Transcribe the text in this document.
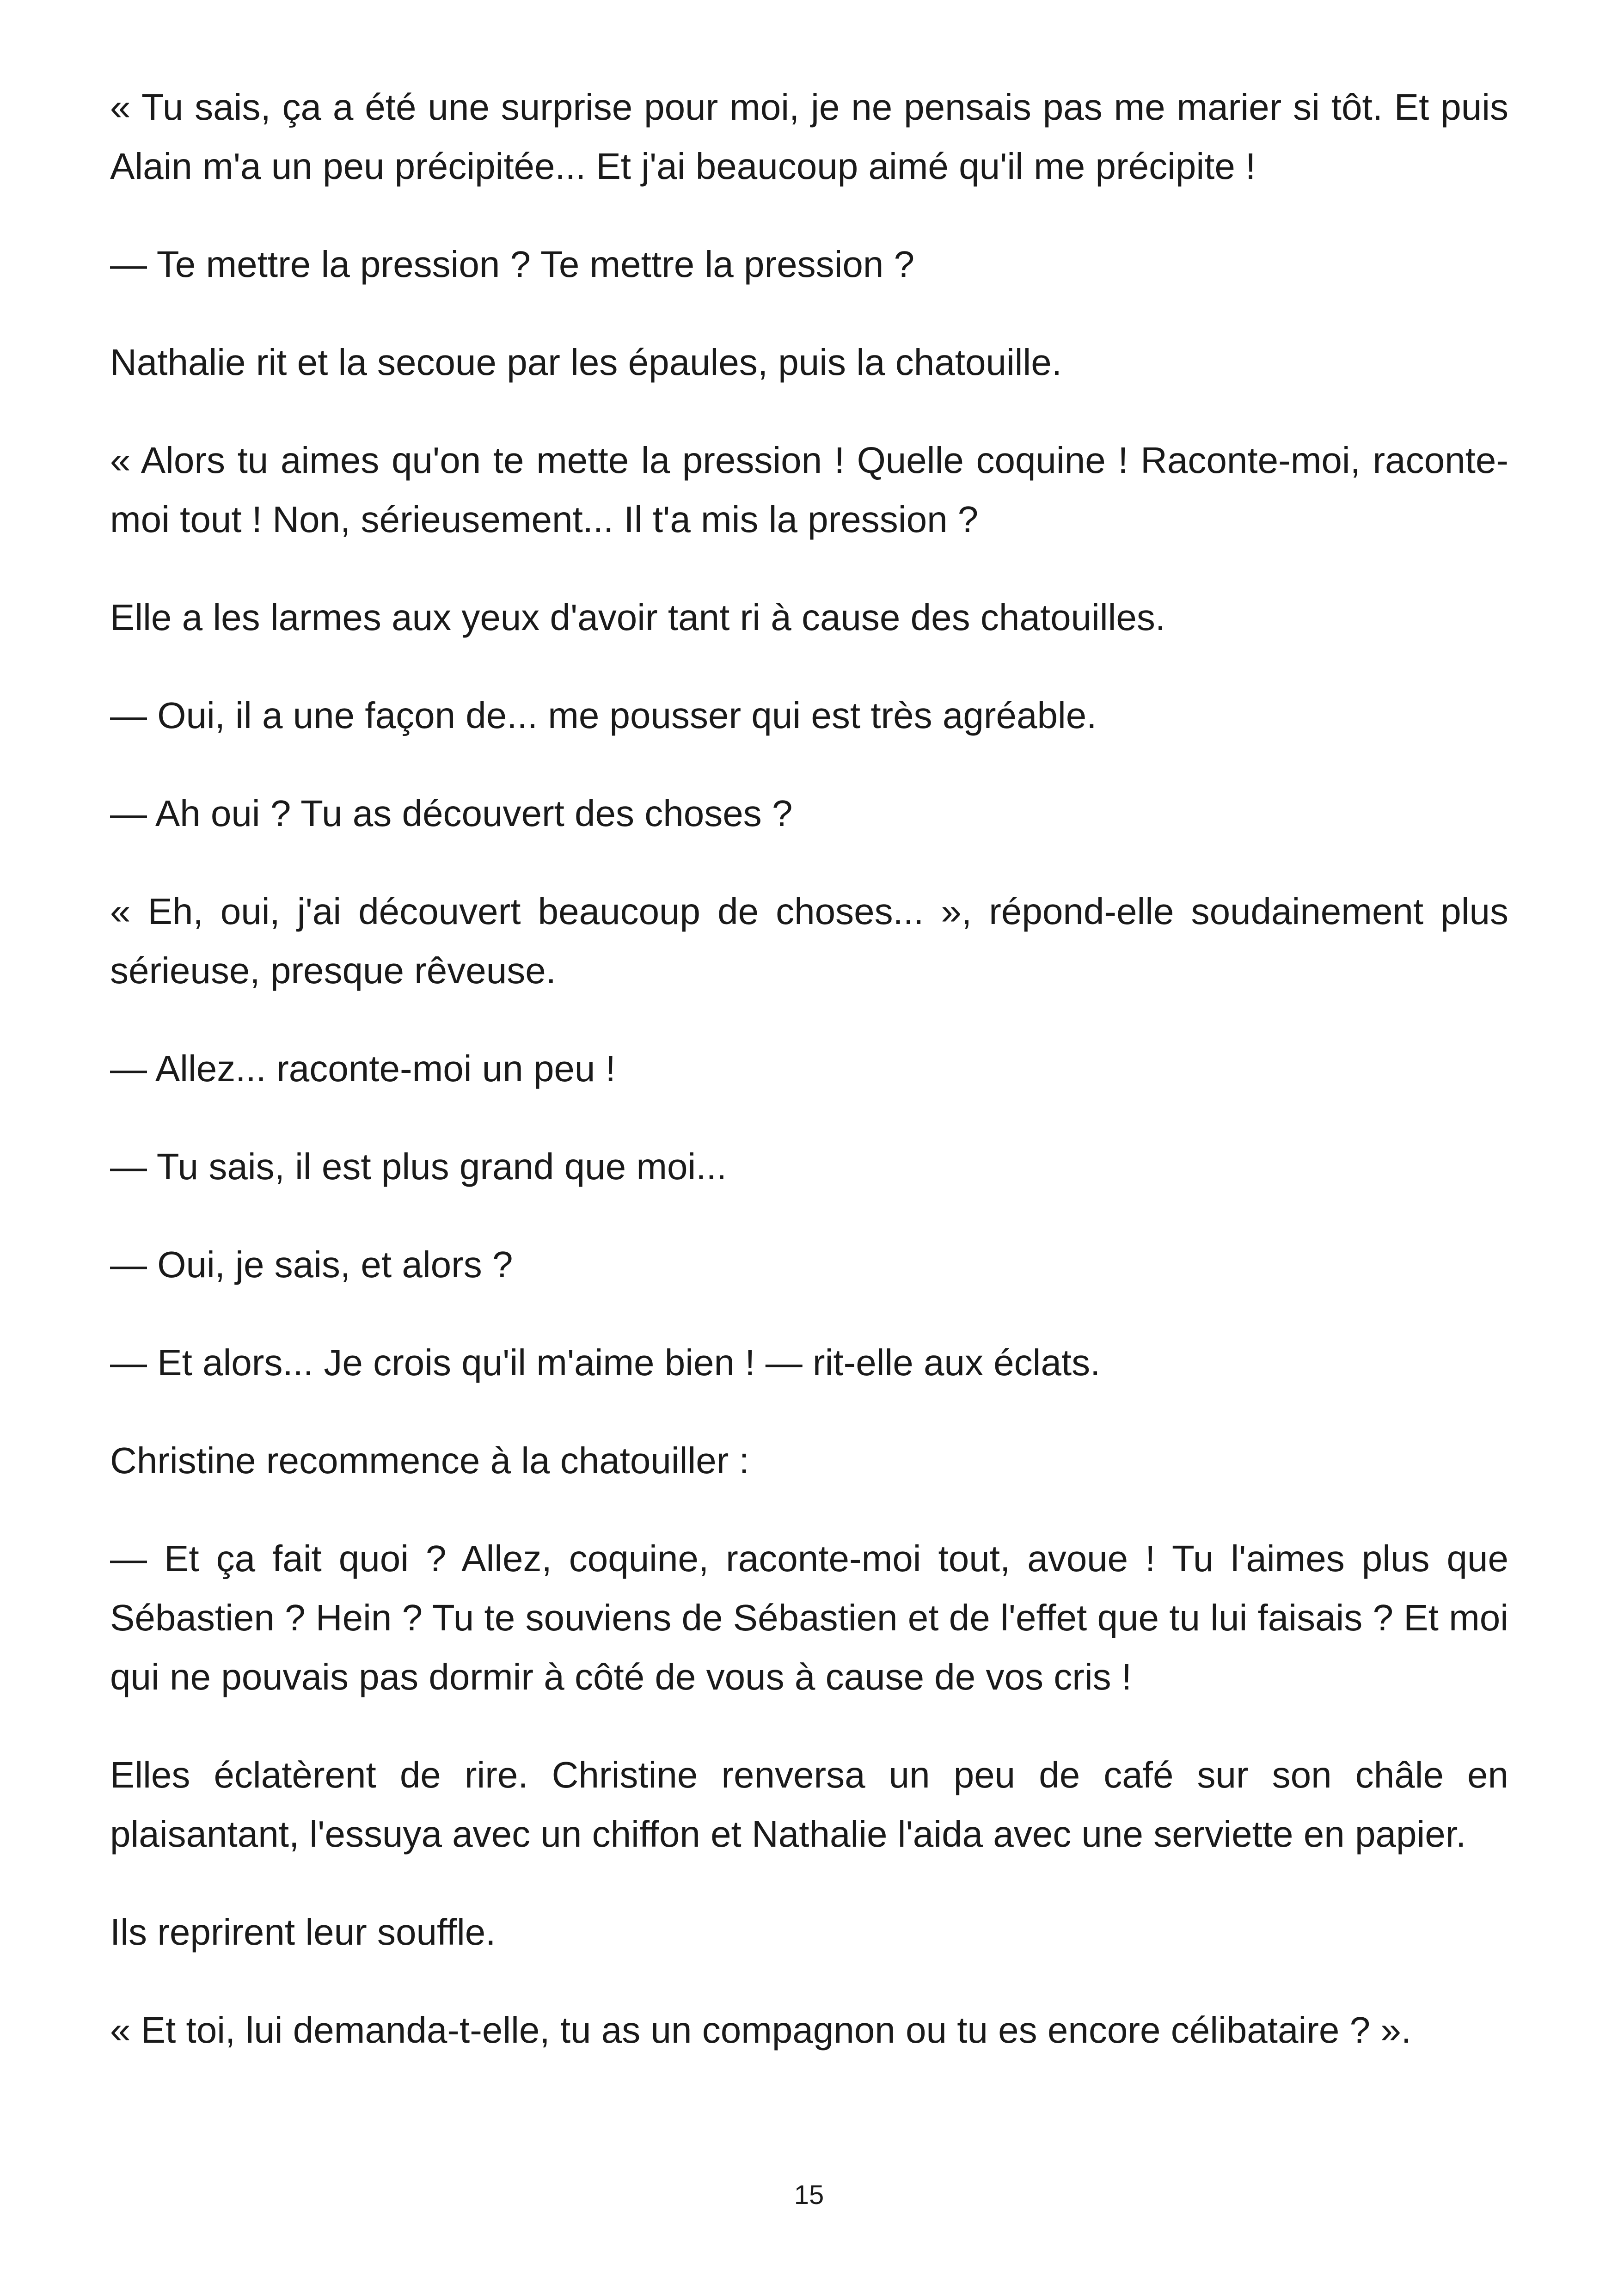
« Tu sais, ça a été une surprise pour moi, je ne pensais pas me marier si tôt. Et puis Alain m'a un peu précipitée... Et j'ai beaucoup aimé qu'il me précipite !

— Te mettre la pression ? Te mettre la pression ?

Nathalie rit et la secoue par les épaules, puis la chatouille.

« Alors tu aimes qu'on te mette la pression ! Quelle coquine ! Raconte-moi, raconte-moi tout ! Non, sérieusement... Il t'a mis la pression ?

Elle a les larmes aux yeux d'avoir tant ri à cause des chatouilles.

— Oui, il a une façon de... me pousser qui est très agréable.

— Ah oui ? Tu as découvert des choses ?

« Eh, oui, j'ai découvert beaucoup de choses... », répond-elle soudainement plus sérieuse, presque rêveuse.

— Allez... raconte-moi un peu !

— Tu sais, il est plus grand que moi...

— Oui, je sais, et alors ?

— Et alors... Je crois qu'il m'aime bien ! — rit-elle aux éclats.

Christine recommence à la chatouiller :

— Et ça fait quoi ? Allez, coquine, raconte-moi tout, avoue ! Tu l'aimes plus que Sébastien ? Hein ? Tu te souviens de Sébastien et de l'effet que tu lui faisais ? Et moi qui ne pouvais pas dormir à côté de vous à cause de vos cris !

Elles éclatèrent de rire. Christine renversa un peu de café sur son châle en plaisantant, l'essuya avec un chiffon et Nathalie l'aida avec une serviette en papier.

Ils reprirent leur souffle.

« Et toi, lui demanda-t-elle, tu as un compagnon ou tu es encore célibataire ? ».

15
